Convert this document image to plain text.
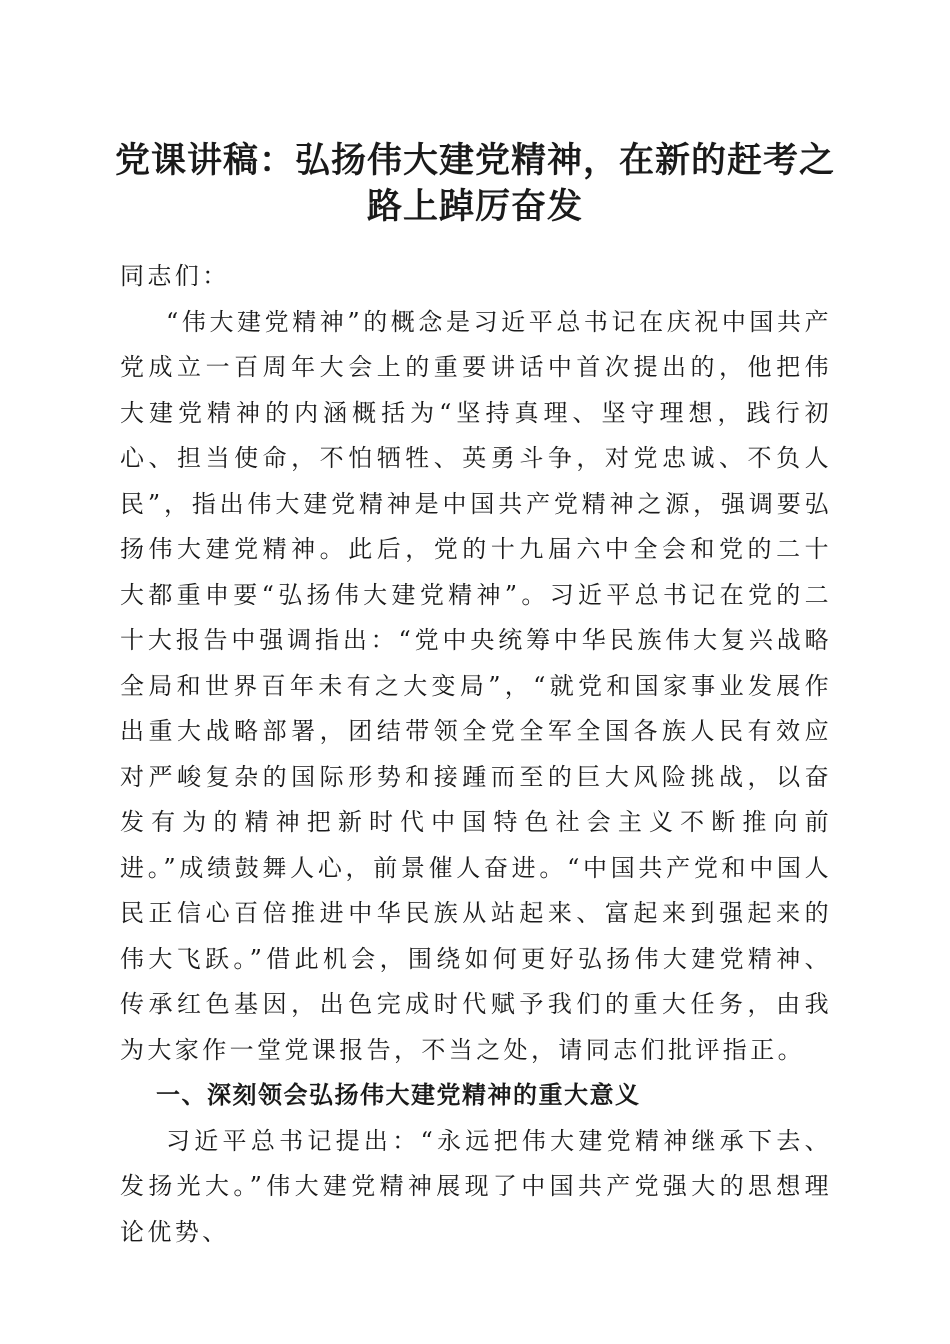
党课讲稿：弘扬伟大建党精神，在新的赶考之路上踔厉奋发

同志们：

“伟大建党精神”的概念是习近平总书记在庆祝中国共产党成立一百周年大会上的重要讲话中首次提出的，他把伟大建党精神的内涵概括为“坚持真理、坚守理想，践行初心、担当使命，不怕牺牲、英勇斗争，对党忠诚、不负人民”，指出伟大建党精神是中国共产党精神之源，强调要弘扬伟大建党精神。此后，党的十九届六中全会和党的二十大都重申要“弘扬伟大建党精神”。习近平总书记在党的二十大报告中强调指出：“党中央统筹中华民族伟大复兴战略全局和世界百年未有之大变局”，“就党和国家事业发展作出重大战略部署，团结带领全党全军全国各族人民有效应对严峻复杂的国际形势和接踵而至的巨大风险挑战，以奋发有为的精神把新时代中国特色社会主义不断推向前进。”成绩鼓舞人心，前景催人奋进。“中国共产党和中国人民正信心百倍推进中华民族从站起来、富起来到强起来的伟大飞跃。”借此机会，围绕如何更好弘扬伟大建党精神、传承红色基因，出色完成时代赋予我们的重大任务，由我为大家作一堂党课报告，不当之处，请同志们批评指正。

一、深刻领会弘扬伟大建党精神的重大意义

习近平总书记提出：“永远把伟大建党精神继承下去、发扬光大。”伟大建党精神展现了中国共产党强大的思想理论优势、
